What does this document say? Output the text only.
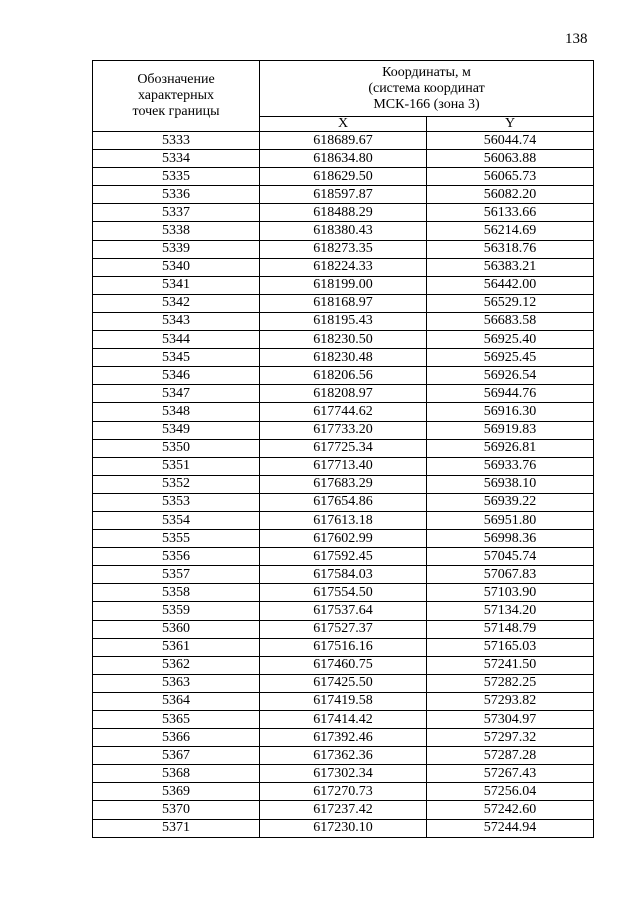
138
Обозначение
характерных
точек границы	Координаты, м
(система координат
МСК-166 (зона 3)	

	X	Y
5333	618689.67	56044.74
5334	618634.80	56063.88
5335	618629.50	56065.73
5336	618597.87	56082.20
5337	618488.29	56133.66
5338	618380.43	56214.69
5339	618273.35	56318.76
5340	618224.33	56383.21
5341	618199.00	56442.00
5342	618168.97	56529.12
5343	618195.43	56683.58
5344	618230.50	56925.40
5345	618230.48	56925.45
5346	618206.56	56926.54
5347	618208.97	56944.76
5348	617744.62	56916.30
5349	617733.20	56919.83
5350	617725.34	56926.81
5351	617713.40	56933.76
5352	617683.29	56938.10
5353	617654.86	56939.22
5354	617613.18	56951.80
5355	617602.99	56998.36
5356	617592.45	57045.74
5357	617584.03	57067.83
5358	617554.50	57103.90
5359	617537.64	57134.20
5360	617527.37	57148.79
5361	617516.16	57165.03
5362	617460.75	57241.50
5363	617425.50	57282.25
5364	617419.58	57293.82
5365	617414.42	57304.97
5366	617392.46	57297.32
5367	617362.36	57287.28
5368	617302.34	57267.43
5369	617270.73	57256.04
5370	617237.42	57242.60
5371	617230.10	57244.94
